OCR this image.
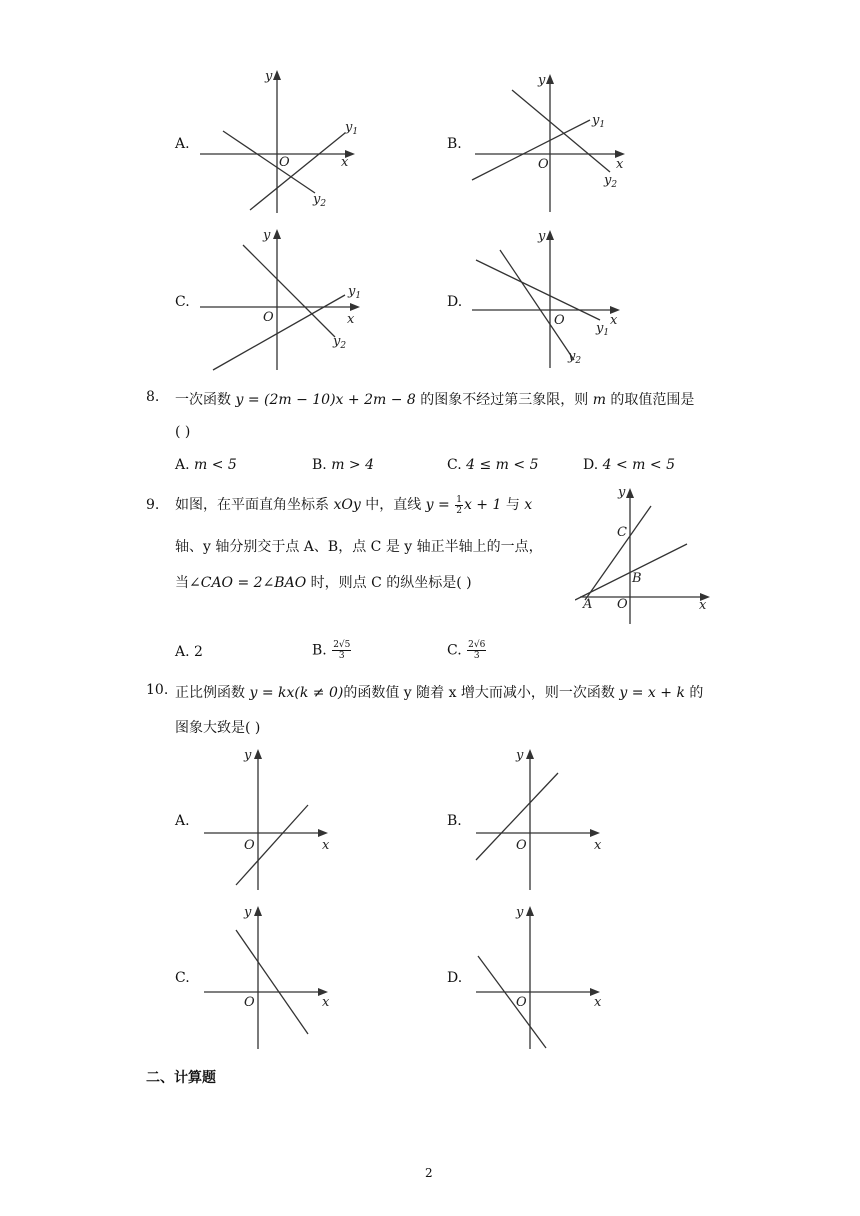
A.
y
x
O
$y_1$
$y_2$
B.
y
x
O
$y_1$
$y_2$
C.
y
x
O
$y_1$
$y_2$
D.
y
x
O
$y_1$
$y_2$
8. 一次函数 y = (2m − 10)x + 2m − 8 的图象不经过第三象限，则 m 的取值范围是
( )
A. m < 5	B. m > 4	C. 4 ≤ m < 5	D. 4 < m < 5
9. 如图，在平面直角坐标系 xOy 中，直线 $y = \frac{1}{2}$ x + 1 与 x
轴、y 轴分别交于点 A、B，点 C 是 y 轴正半轴上的一点，
当∠CAO = 2∠BAO 时，则点 C 的纵坐标是( )
y
x
O
A
B
C
A. 2	B. $\frac{2√5}{3}$	C. $\frac{2√6}{3}$
10. 正比例函数 y = kx(k ≠ 0)的函数值 y 随着 x 增大而减小，则一次函数 y = x + k 的
图象大致是( )
A.
y
x
O
B.
y
x
O
C.
y
x
O
D.
y
x
O
二、计算题
2
